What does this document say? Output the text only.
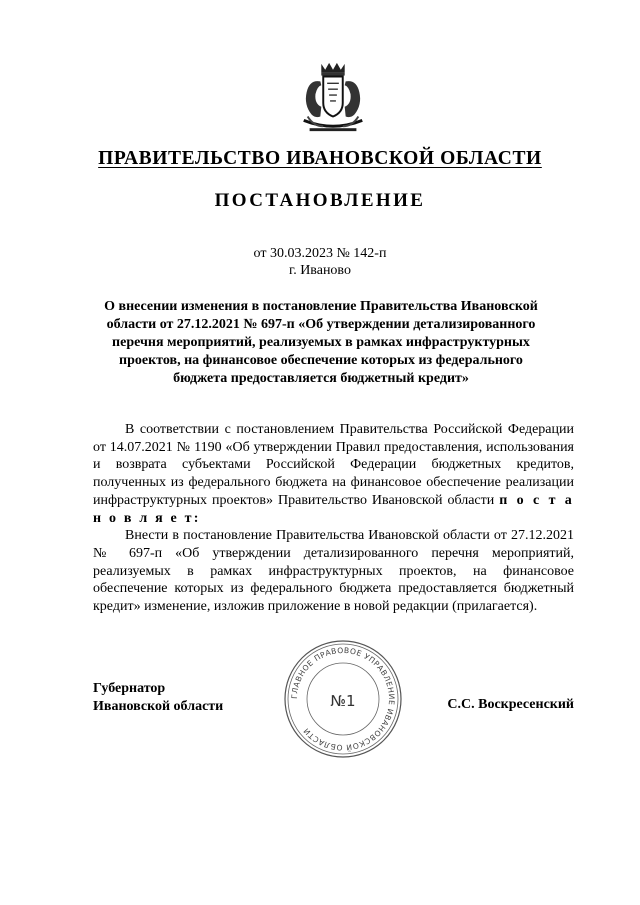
ПРАВИТЕЛЬСТВО ИВАНОВСКОЙ ОБЛАСТИ
ПОСТАНОВЛЕНИЕ
от 30.03.2023 № 142-п
г. Иваново
О внесении изменения в постановление Правительства Ивановской области от 27.12.2021 № 697-п «Об утверждении детализированного перечня мероприятий, реализуемых в рамках инфраструктурных проектов, на финансовое обеспечение которых из федерального бюджета предоставляется бюджетный кредит»

В соответствии с постановлением Правительства Российской Федерации от 14.07.2021 № 1190 «Об утверждении Правил предоставления, использования и возврата субъектами Российской Федерации бюджетных кредитов, полученных из федерального бюджета на финансовое обеспечение реализации инфраструктурных проектов» Правительство Ивановской области п о с т а н о в л я е т:

Внести в постановление Правительства Ивановской области от 27.12.2021 № 697-п «Об утверждении детализированного перечня мероприятий, реализуемых в рамках инфраструктурных проектов, на финансовое обеспечение которых из федерального бюджета предоставляется бюджетный кредит» изменение, изложив приложение в новой редакции (прилагается).

Губернатор
Ивановской области	С.С. Воскресенский
ГЛАВНОЕ ПРАВОВОЕ УПРАВЛЕНИЕ ИВАНОВСКОЙ ОБЛАСТИ
№1
